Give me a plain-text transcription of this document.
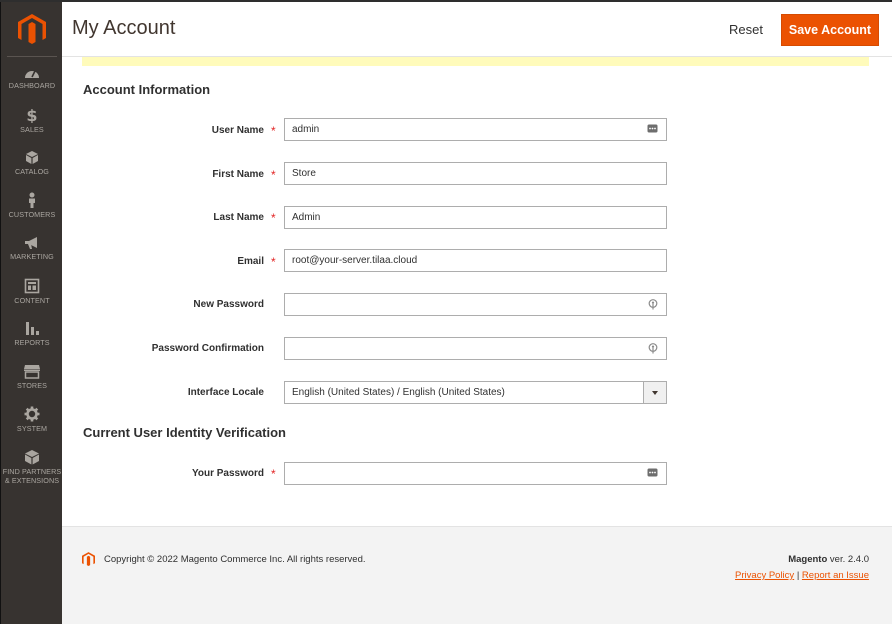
DASHBOARD
$
SALES
CATALOG
CUSTOMERS
MARKETING
CONTENT
REPORTS
STORES
SYSTEM
FIND PARTNERS
& EXTENSIONS
My Account	Reset	Save Account
Account Information
User Name *	admin
First Name *	Store
Last Name *	Admin
Email *	root@your-server.tilaa.cloud
New Password
Password Confirmation
Interface Locale	English (United States) / English (United States)
Current User Identity Verification
Your Password *
Copyright © 2022 Magento Commerce Inc. All rights reserved.	Magento ver. 2.4.0
Privacy Policy | Report an Issue
